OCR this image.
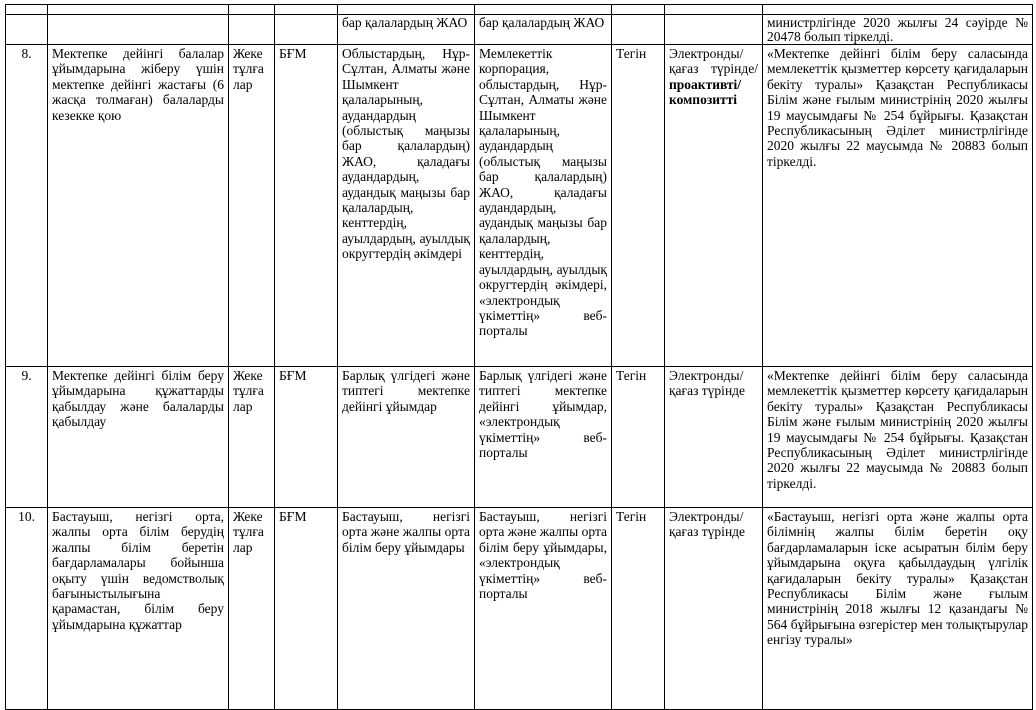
				бар қалалардың ЖАО	бар қалалардың ЖАО			министрлігінде 2020 жылғы 24 сәуірде № 20478 болып тіркелді.
8.	Мектепке дейінгі балалар ұйымдарына жіберу үшін мектепке дейінгі жастағы (6 жасқа толмаған) балаларды кезекке қою	Жеке тұлғалар	БҒМ	Облыстардың, Нұр-Сұлтан, Алматы және Шымкент қалаларының, аудандардың (облыстық маңызы бар қалалардың) ЖАО, қаладағы аудандардың, аудандық маңызы бар қалалардың, кенттердің, ауылдардың, ауылдық округтердің әкімдері	Мемлекеттік корпорация, облыстардың, Нұр-Сұлтан, Алматы және Шымкент қалаларының, аудандардың (облыстық маңызы бар қалалардың) ЖАО, қаладағы аудандардың, аудандық маңызы бар қалалардың, кенттердің, ауылдардың, ауылдық округтердің әкімдері, «электрондық үкіметтің» веб-порталы	Тегін	Электронды/қағаз түрінде/проактивті/композитті	«Мектепке дейінгі білім беру саласында мемлекеттік қызметтер көрсету қағидаларын бекіту туралы» Қазақстан Республикасы Білім және ғылым министрінің 2020 жылғы 19 маусымдағы № 254 бұйрығы. Қазақстан Республикасының Әділет министрлігінде 2020 жылғы 22 маусымда № 20883 болып тіркелді.
9.	Мектепке дейінгі білім беру ұйымдарына құжаттарды қабылдау және балаларды қабылдау	Жеке тұлғалар	БҒМ	Барлық үлгідегі және типтегі мектепке дейінгі ұйымдар	Барлық үлгідегі және типтегі мектепке дейінгі ұйымдар, «электрондық үкіметтің» веб-порталы	Тегін	Электронды/ қағаз түрінде	«Мектепке дейінгі білім беру саласында мемлекеттік қызметтер көрсету қағидаларын бекіту туралы» Қазақстан Республикасы Білім және ғылым министрінің 2020 жылғы 19 маусымдағы № 254 бұйрығы. Қазақстан Республикасының Әділет министрлігінде 2020 жылғы 22 маусымда № 20883 болып тіркелді.
10.	Бастауыш, негізгі орта, жалпы орта білім берудің жалпы білім беретін бағдарламалары бойынша оқыту үшін ведомстволық бағыныстылығына қарамастан, білім беру ұйымдарына құжаттар	Жеке тұлғалар	БҒМ	Бастауыш, негізгі орта және жалпы орта білім беру ұйымдары	Бастауыш, негізгі орта және жалпы орта білім беру ұйымдары, «электрондық үкіметтің» веб-порталы	Тегін	Электронды/ қағаз түрінде	«Бастауыш, негізгі орта және жалпы орта білімнің жалпы білім беретін оқу бағдарламаларын іске асыратын білім беру ұйымдарына оқуға қабылдаудың үлгілік қағидаларын бекіту туралы» Қазақстан Республикасы Білім және ғылым министрінің 2018 жылғы 12 қазандағы № 564 бұйрығына өзгерістер мен толықтырулар енгізу туралы»
